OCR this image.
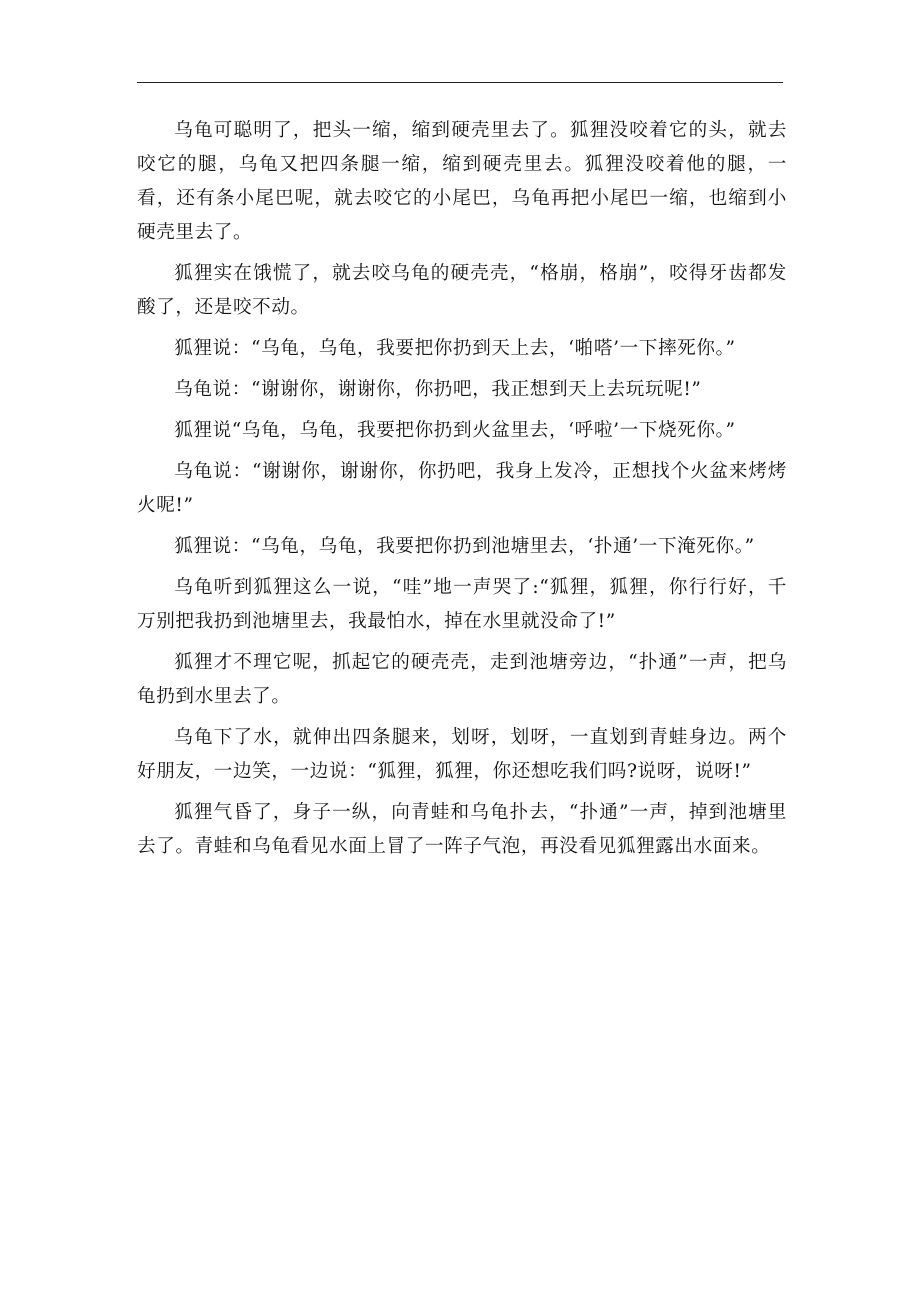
乌龟可聪明了，把头一缩，缩到硬壳里去了。狐狸没咬着它的头，就去咬它的腿，乌龟又把四条腿一缩，缩到硬壳里去。狐狸没咬着他的腿，一看，还有条小尾巴呢，就去咬它的小尾巴，乌龟再把小尾巴一缩，也缩到小硬壳里去了。

狐狸实在饿慌了，就去咬乌龟的硬壳壳，“格崩，格崩”，咬得牙齿都发酸了，还是咬不动。

狐狸说：“乌龟，乌龟，我要把你扔到天上去，‘啪嗒’一下摔死你。”

乌龟说：“谢谢你，谢谢你，你扔吧，我正想到天上去玩玩呢!”

狐狸说“乌龟，乌龟，我要把你扔到火盆里去，‘呼啦’一下烧死你。”

乌龟说：“谢谢你，谢谢你，你扔吧，我身上发冷，正想找个火盆来烤烤火呢!”

狐狸说：“乌龟，乌龟，我要把你扔到池塘里去，‘扑通’一下淹死你。”

乌龟听到狐狸这么一说，“哇”地一声哭了:“狐狸，狐狸，你行行好，千万别把我扔到池塘里去，我最怕水，掉在水里就没命了!”

狐狸才不理它呢，抓起它的硬壳壳，走到池塘旁边，“扑通”一声，把乌龟扔到水里去了。

乌龟下了水，就伸出四条腿来，划呀，划呀，一直划到青蛙身边。两个好朋友，一边笑，一边说：“狐狸，狐狸，你还想吃我们吗?说呀，说呀!”

狐狸气昏了，身子一纵，向青蛙和乌龟扑去，“扑通”一声，掉到池塘里去了。青蛙和乌龟看见水面上冒了一阵子气泡，再没看见狐狸露出水面来。
